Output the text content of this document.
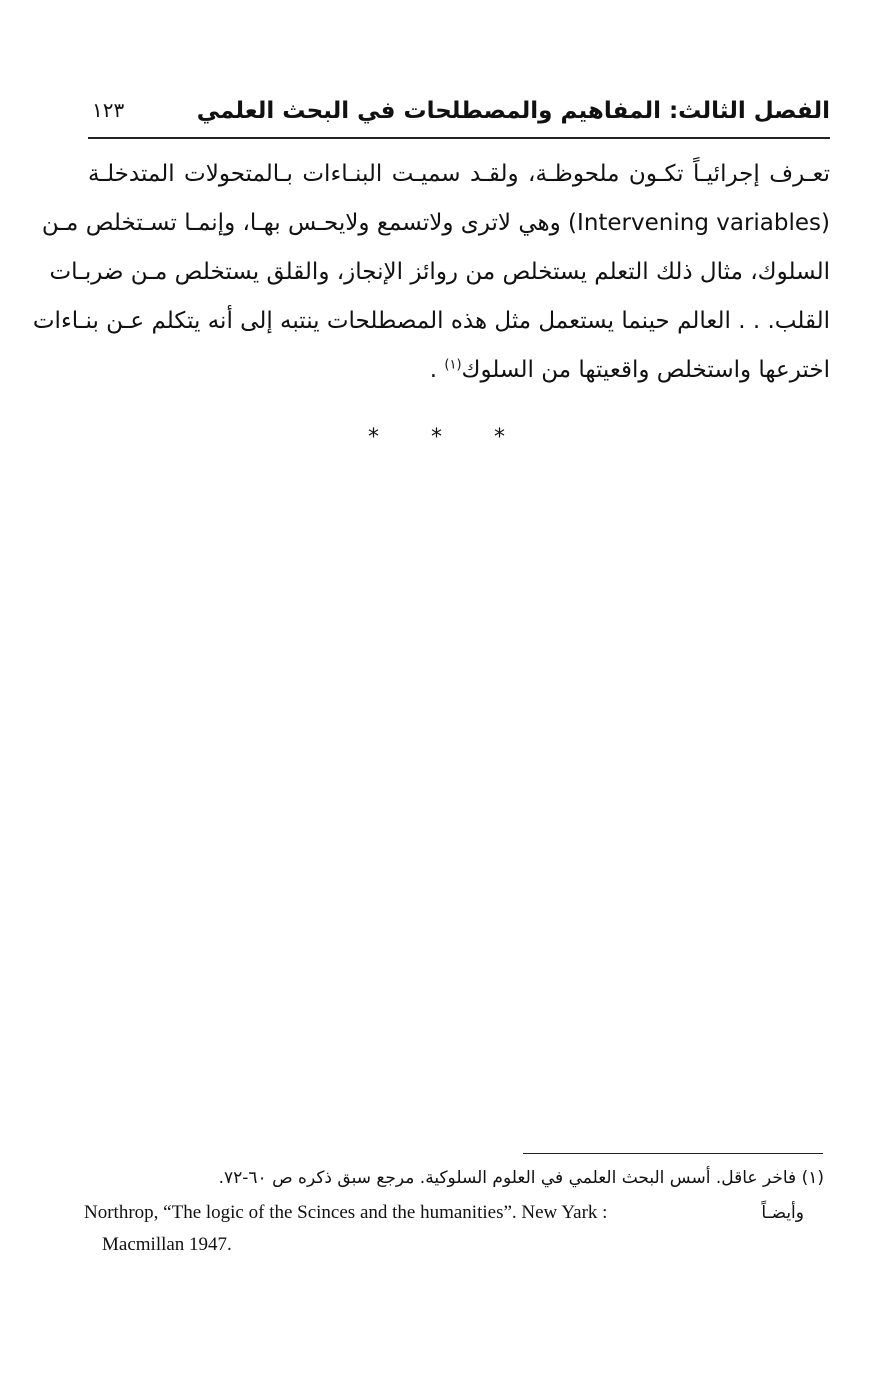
الفصل الثالث: المفاهيم والمصطلحات في البحث العلمي
١٢٣
تعـرف إجرائيـاً تكـون ملحوظـة، ولقـد سميـت البنـاءات بـالمتحولات المتدخلـة
(Intervening variables) وهي لاترى ولاتسمع ولايحـس بهـا، وإنمـا تسـتخلص مـن
السلوك، مثال ذلك التعلم يستخلص من روائز الإنجاز، والقلق يستخلص مـن ضربـات
القلب. . . العالم حينما يستعمل مثل هذه المصطلحات ينتبه إلى أنه يتكلم عـن بنـاءات
اخترعها واستخلص واقعيتها من السلوك$^{(١)}$ .
* * *
(١) فاخر عاقل. أسس البحث العلمي في العلوم السلوكية. مرجع سبق ذكره ص ٦٠-٧٢.
Northrop, “The logic of the Scinces and the humanities”. New Yark :	وأيضـاً
Macmillan 1947.
